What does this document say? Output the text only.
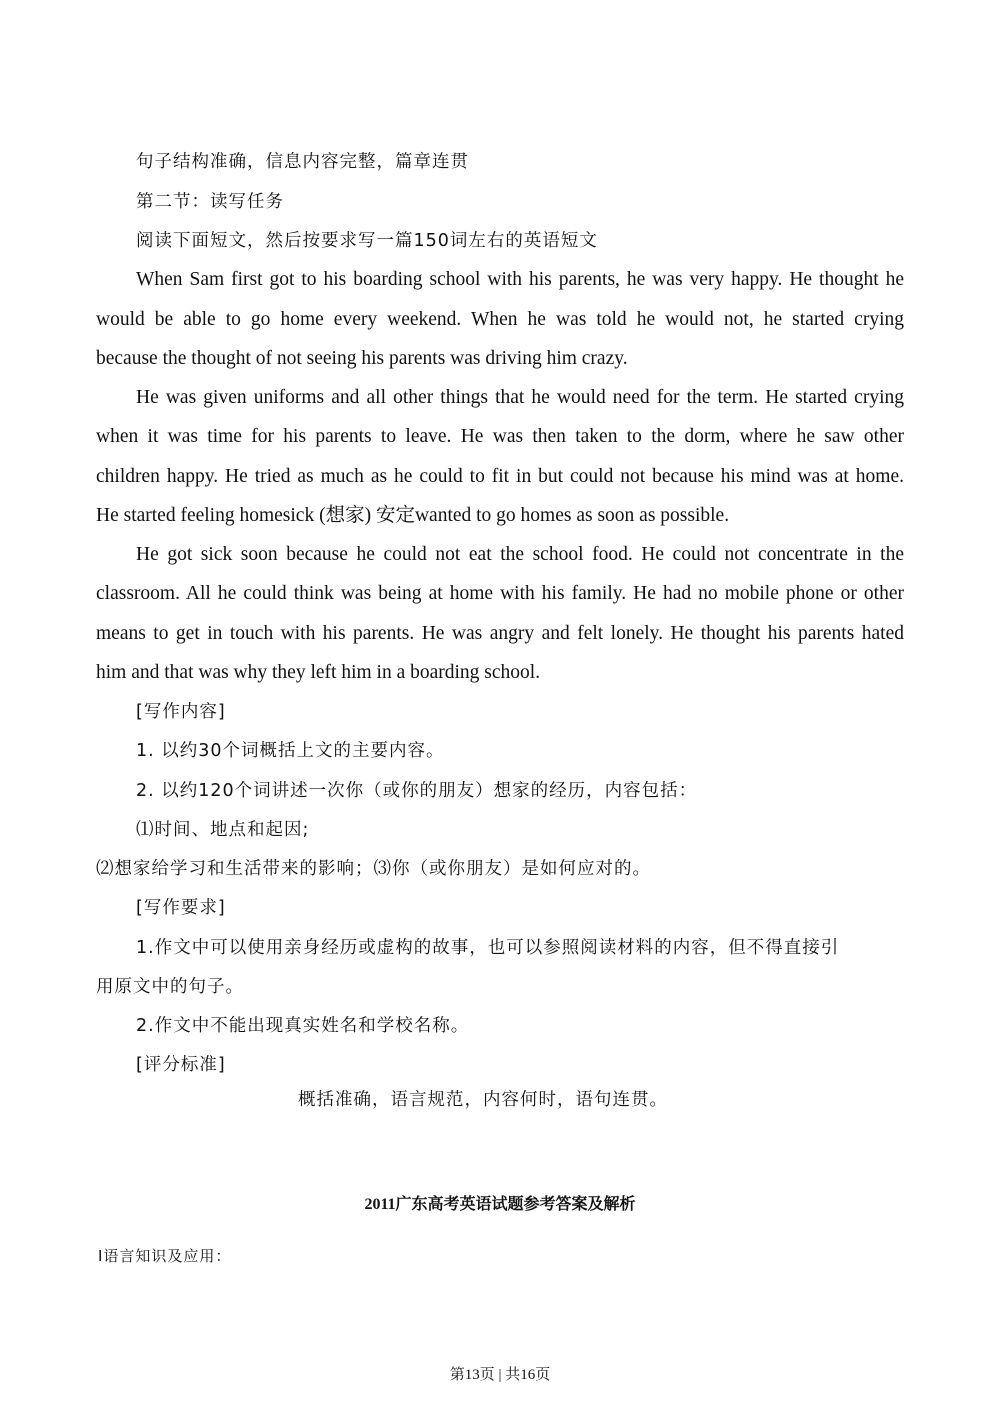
句子结构准确，信息内容完整，篇章连贯

第二节：读写任务

阅读下面短文，然后按要求写一篇150词左右的英语短文

When Sam first got to his boarding school with his parents, he was very happy. He thought he

would be able to go home every weekend. When he was told he would not, he started crying

because the thought of not seeing his parents was driving him crazy.

He was given uniforms and all other things that he would need for the term. He started crying

when it was time for his parents to leave. He was then taken to the dorm, where he saw other

children happy. He tried as much as he could to fit in but could not because his mind was at home.

He started feeling homesick (想家) 安定wanted to go homes as soon as possible.

He got sick soon because he could not eat the school food. He could not concentrate in the

classroom. All he could think was being at home with his family. He had no mobile phone or other

means to get in touch with his parents. He was angry and felt lonely. He thought his parents hated

him and that was why they left him in a boarding school.

[写作内容]

1. 以约30个词概括上文的主要内容。

2. 以约120个词讲述一次你（或你的朋友）想家的经历，内容包括：

⑴时间、地点和起因;

⑵想家给学习和生活带来的影响；⑶你（或你朋友）是如何应对的。

[写作要求]

1.作文中可以使用亲身经历或虚构的故事，也可以参照阅读材料的内容，但不得直接引

用原文中的句子。

2.作文中不能出现真实姓名和学校名称。

[评分标准]

概括准确，语言规范，内容何时，语句连贯。

2011广东高考英语试题参考答案及解析

Ⅰ语言知识及应用：

第13页 | 共16页
